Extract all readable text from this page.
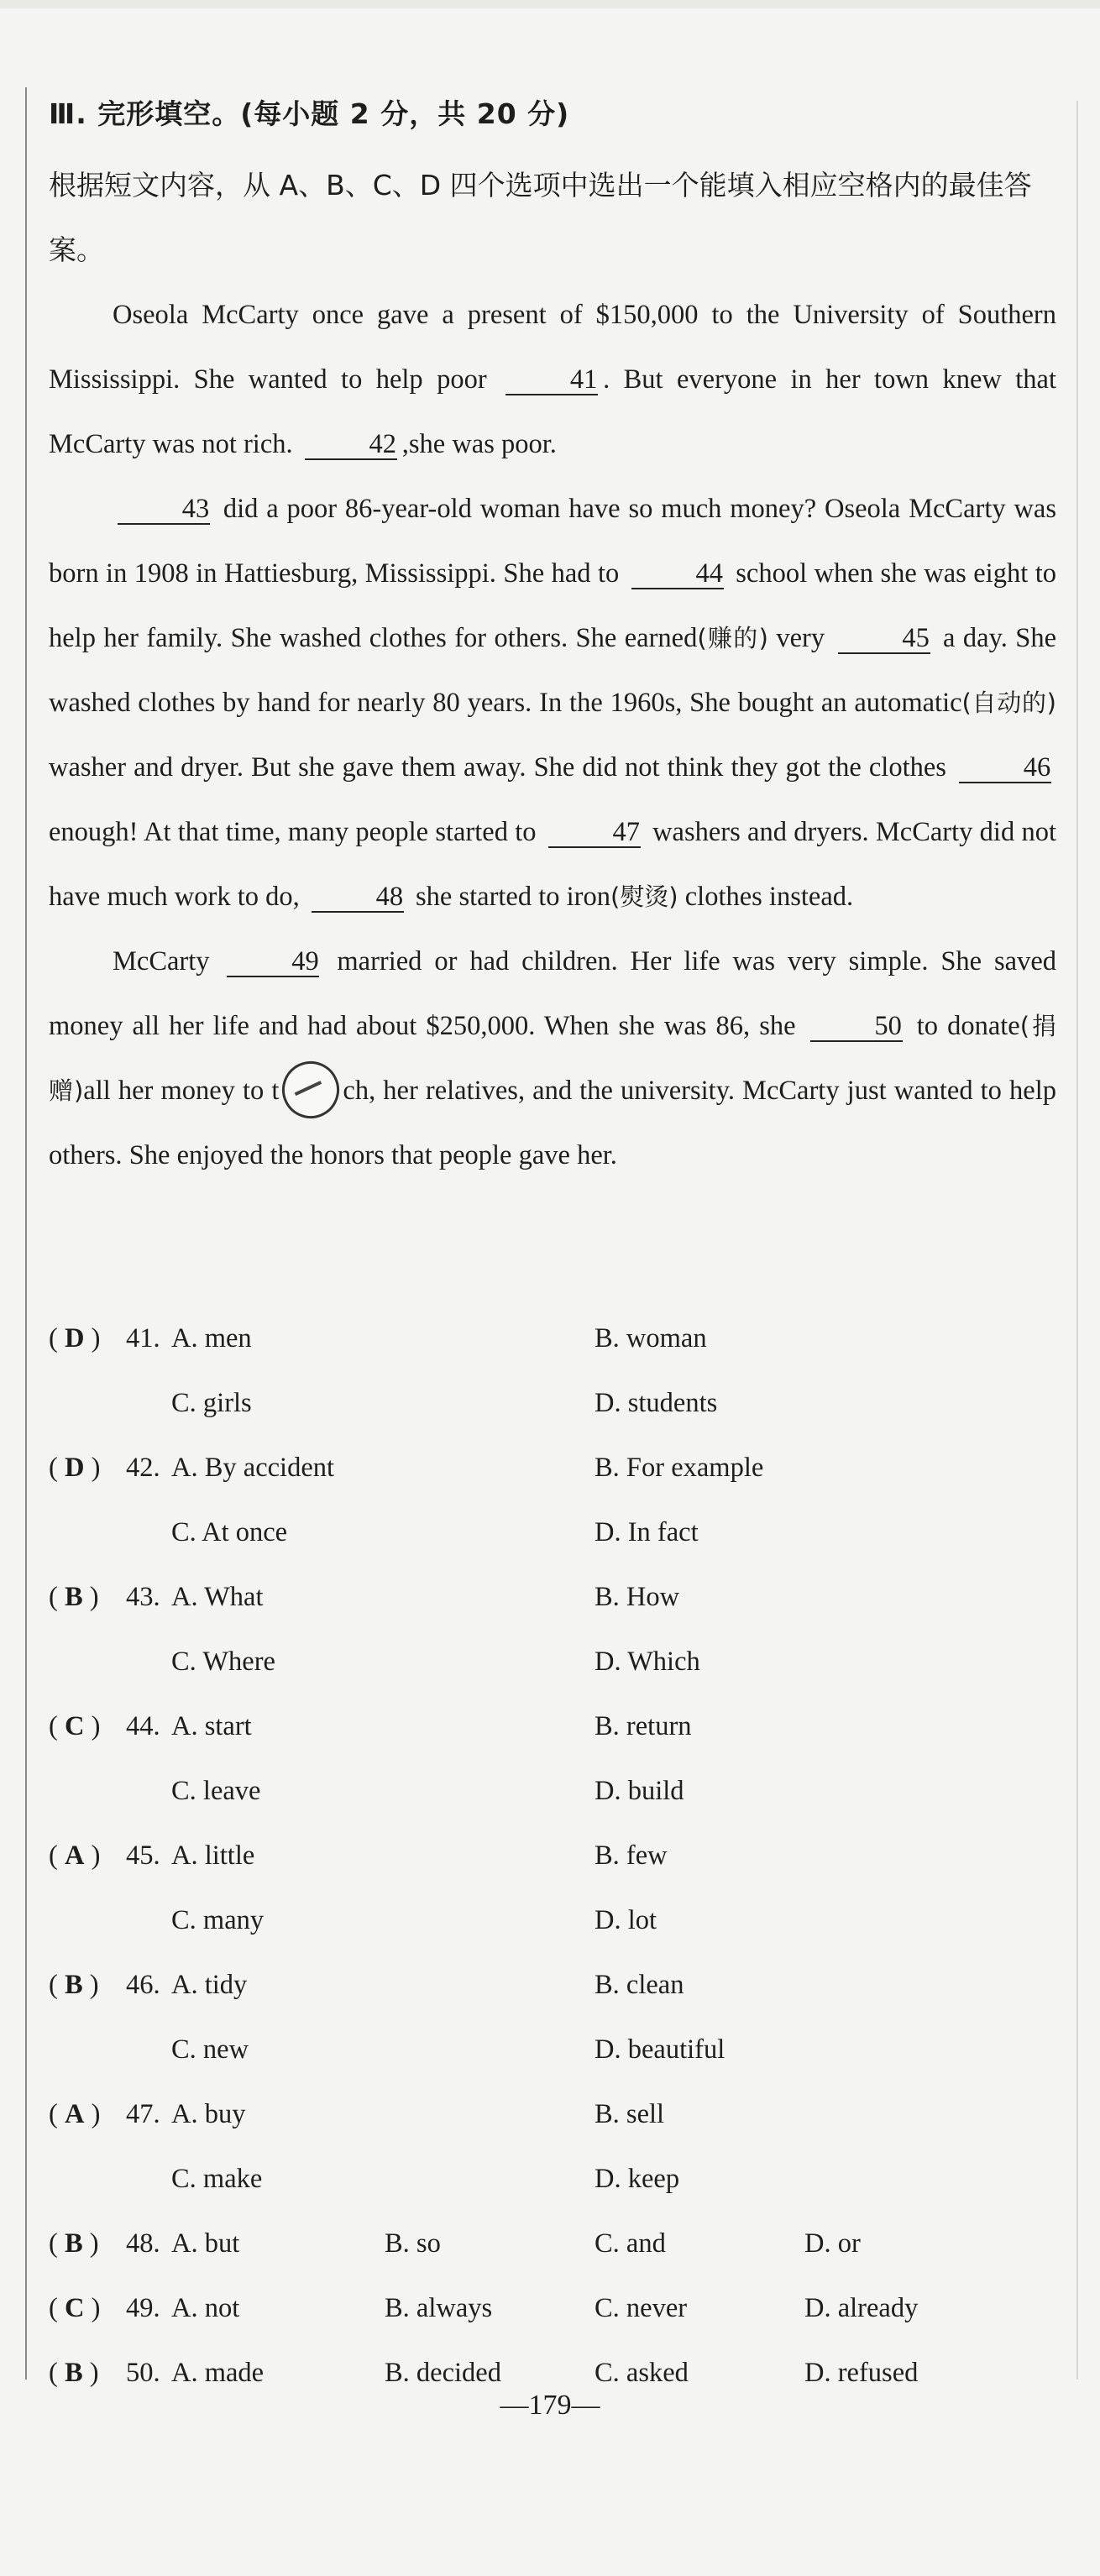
Ⅲ. 完形填空。(每小题 2 分，共 20 分)
根据短文内容，从 A、B、C、D 四个选项中选出一个能填入相应空格内的最佳答案。

Oseola McCarty once gave a present of $150,000 to the University of Southern Mississippi. She wanted to help poor	41 . But everyone in her town knew that McCarty was not rich.	42 ,she was poor.

43 did a poor 86-year-old woman have so much money? Oseola McCarty was born in 1908 in Hattiesburg, Mississippi. She had to	44 school when she was eight to help her family. She washed clothes for others. She earned(赚的) very	45 a day. She washed clothes by hand for nearly 80 years. In the 1960s, She bought an automatic(自动的) washer and dryer. But she gave them away. She did not think they got the clothes	46 enough! At that time, many people started to	47 washers and dryers. McCarty did not have much work to do,	48 she started to iron(熨烫) clothes instead.

McCarty	49 married or had children. Her life was very simple. She saved money all her life and had about $250,000. When she was 86, she	50 to donate(捐赠)all her money to t ch, her relatives, and the university. McCarty just wanted to help others. She enjoyed the honors that people gave her.

( D ) 41. A. men	B. woman
C. girls	D. students
( D ) 42. A. By accident	B. For example
C. At once	D. In fact
( B ) 43. A. What	B. How
C. Where	D. Which
( C ) 44. A. start	B. return
C. leave	D. build
( A ) 45. A. little	B. few
C. many	D. lot
( B ) 46. A. tidy	B. clean
C. new	D. beautiful
( A ) 47. A. buy	B. sell
C. make	D. keep
( B ) 48. A. but	B. so	C. and	D. or
( C ) 49. A. not	B. always	C. never	D. already
( B ) 50. A. made	B. decided	C. asked	D. refused
—179—
